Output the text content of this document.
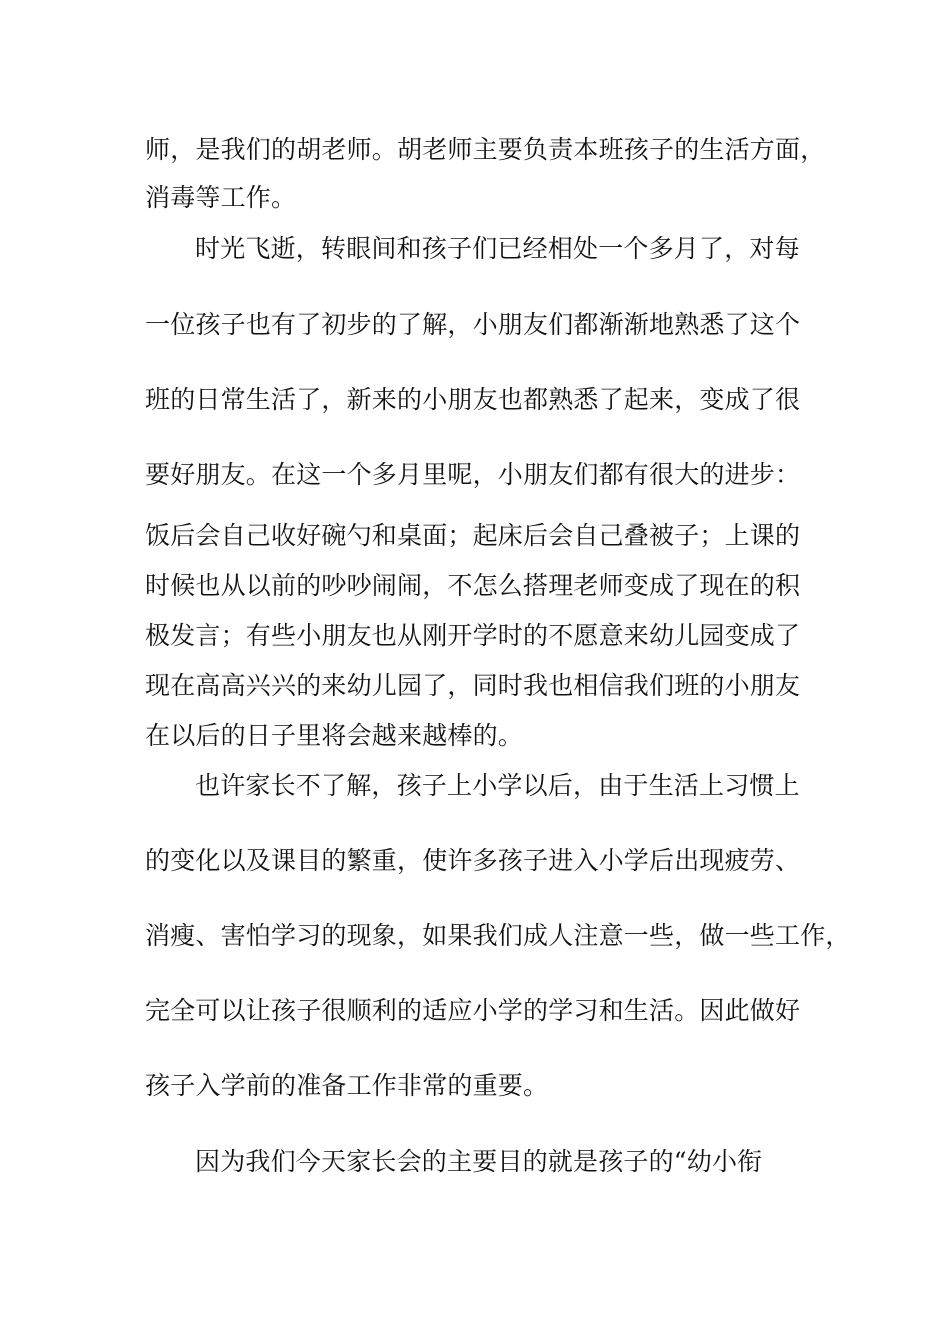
师，是我们的胡老师。胡老师主要负责本班孩子的生活方面，
消毒等工作。
时光飞逝，转眼间和孩子们已经相处一个多月了，对每
一位孩子也有了初步的了解，小朋友们都渐渐地熟悉了这个
班的日常生活了，新来的小朋友也都熟悉了起来，变成了很
要好朋友。在这一个多月里呢，小朋友们都有很大的进步：
饭后会自己收好碗勺和桌面；起床后会自己叠被子；上课的
时候也从以前的吵吵闹闹，不怎么搭理老师变成了现在的积
极发言；有些小朋友也从刚开学时的不愿意来幼儿园变成了
现在高高兴兴的来幼儿园了，同时我也相信我们班的小朋友
在以后的日子里将会越来越棒的。
也许家长不了解，孩子上小学以后，由于生活上习惯上
的变化以及课目的繁重，使许多孩子进入小学后出现疲劳、
消瘦、害怕学习的现象，如果我们成人注意一些，做一些工作，
完全可以让孩子很顺利的适应小学的学习和生活。因此做好
孩子入学前的准备工作非常的重要。
因为我们今天家长会的主要目的就是孩子的“幼小衔
